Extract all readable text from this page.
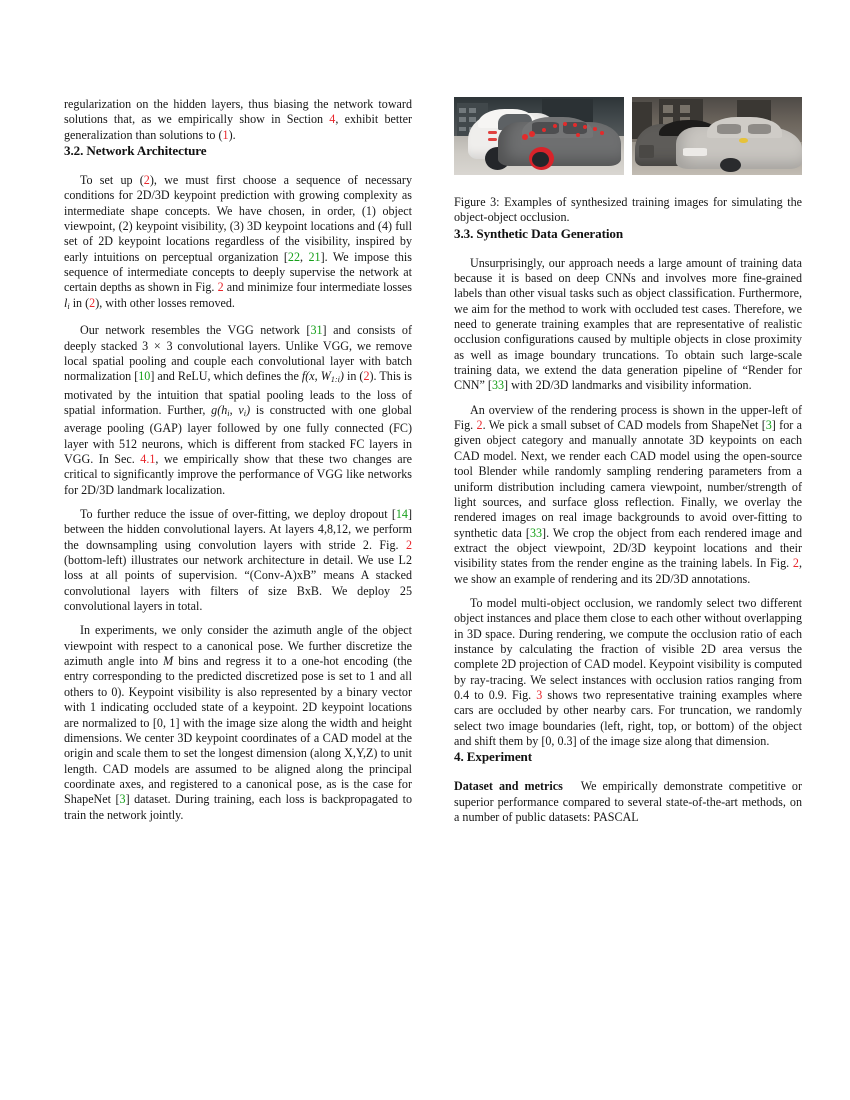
regularization on the hidden layers, thus biasing the network toward solutions that, as we empirically show in Section 4, exhibit better generalization than solutions to (1).

3.2. Network Architecture

To set up (2), we must first choose a sequence of necessary conditions for 2D/3D keypoint prediction with growing complexity as intermediate shape concepts. We have chosen, in order, (1) object viewpoint, (2) keypoint visibility, (3) 3D keypoint locations and (4) full set of 2D keypoint locations regardless of the visibility, inspired by early intuitions on perceptual organization [22, 21]. We impose this sequence of intermediate concepts to deeply supervise the network at certain depths as shown in Fig. 2 and minimize four intermediate losses $l_i$ in (2), with other losses removed.

Our network resembles the VGG network [31] and consists of deeply stacked 3 × 3 convolutional layers. Unlike VGG, we remove local spatial pooling and couple each convolutional layer with batch normalization [10] and ReLU, which defines the f(x, $W_{1:i}$) in (2). This is motivated by the intuition that spatial pooling leads to the loss of spatial information. Further, $g(h_i$, $v_i$) is constructed with one global average pooling (GAP) layer followed by one fully connected (FC) layer with 512 neurons, which is different from stacked FC layers in VGG. In Sec. 4.1, we empirically show that these two changes are critical to significantly improve the performance of VGG like networks for 2D/3D landmark localization.

To further reduce the issue of over-fitting, we deploy dropout [14] between the hidden convolutional layers. At layers 4,8,12, we perform the downsampling using convolution layers with stride 2. Fig. 2 (bottom-left) illustrates our network architecture in detail. We use L2 loss at all points of supervision. “(Conv-A)xB” means A stacked convolutional layers with filters of size BxB. We deploy 25 convolutional layers in total.

In experiments, we only consider the azimuth angle of the object viewpoint with respect to a canonical pose. We further discretize the azimuth angle into M bins and regress it to a one-hot encoding (the entry corresponding to the predicted discretized pose is set to 1 and all others to 0). Keypoint visibility is also represented by a binary vector with 1 indicating occluded state of a keypoint. 2D keypoint locations are normalized to [0, 1] with the image size along the width and height dimensions. We center 3D keypoint coordinates of a CAD model at the origin and scale them to set the longest dimension (along X,Y,Z) to unit length. CAD models are assumed to be aligned along the principal coordinate axes, and registered to a canonical pose, as is the case for ShapeNet [3] dataset. During training, each loss is backpropagated to train the network jointly.

Figure 3: Examples of synthesized training images for simulating the object-object occlusion.
3.3. Synthetic Data Generation

Unsurprisingly, our approach needs a large amount of training data because it is based on deep CNNs and involves more fine-grained labels than other visual tasks such as object classification. Furthermore, we aim for the method to work with occluded test cases. Therefore, we need to generate training examples that are representative of realistic occlusion configurations caused by multiple objects in close proximity as well as image boundary truncations. To obtain such large-scale training data, we extend the data generation pipeline of “Render for CNN” [33] with 2D/3D landmarks and visibility information.

An overview of the rendering process is shown in the upper-left of Fig. 2. We pick a small subset of CAD models from ShapeNet [3] for a given object category and manually annotate 3D keypoints on each CAD model. Next, we render each CAD model using the open-source tool Blender while randomly sampling rendering parameters from a uniform distribution including camera viewpoint, number/strength of light sources, and surface gloss reflection. Finally, we overlay the rendered images on real image backgrounds to avoid over-fitting to synthetic data [33]. We crop the object from each rendered image and extract the object viewpoint, 2D/3D keypoint locations and their visibility states from the render engine as the training labels. In Fig. 2, we show an example of rendering and its 2D/3D annotations.

To model multi-object occlusion, we randomly select two different object instances and place them close to each other without overlapping in 3D space. During rendering, we compute the occlusion ratio of each instance by calculating the fraction of visible 2D area versus the complete 2D projection of CAD model. Keypoint visibility is computed by ray-tracing. We select instances with occlusion ratios ranging from 0.4 to 0.9. Fig. 3 shows two representative training examples where cars are occluded by other nearby cars. For truncation, we randomly select two image boundaries (left, right, top, or bottom) of the object and shift them by [0, 0.3] of the image size along that dimension.

4. Experiment

Dataset and metrics  We empirically demonstrate competitive or superior performance compared to several state-of-the-art methods, on a number of public datasets: PASCAL
